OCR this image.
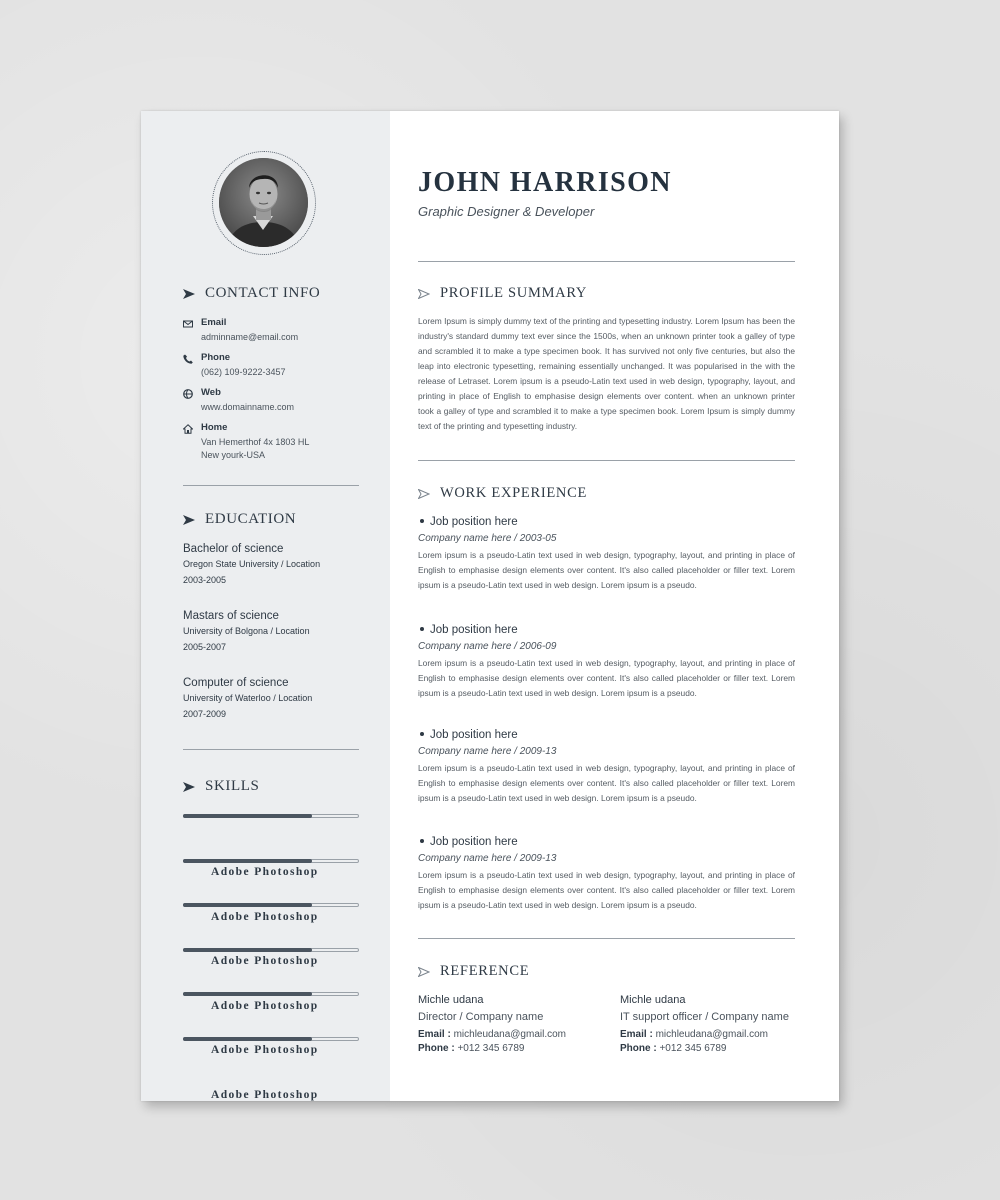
CONTACT INFO
Email
adminname@email.com
Phone
(062) 109-9222-3457
Web
www.domainname.com
Home
Van Hemerthof 4x 1803 HL
New yourk-USA
EDUCATION
Bachelor of science
Oregon State University / Location
2003-2005
Mastars of science
University of Bolgona / Location
2005-2007
Computer of science
University of Waterloo / Location
2007-2009
SKILLS
Adobe Photoshop
Adobe Photoshop
Adobe Photoshop
Adobe Photoshop
Adobe Photoshop
Adobe Photoshop
JOHN HARRISON
Graphic Designer & Developer
PROFILE SUMMARY
Lorem Ipsum is simply dummy text of the printing and typesetting industry. Lorem Ipsum has been the industry's standard dummy text ever since the 1500s, when an unknown printer took a galley of type and scrambled it to make a type specimen book. It has survived not only five centuries, but also the leap into electronic typesetting, remaining essentially unchanged. It was popularised in the with the release of Letraset. Lorem ipsum is a pseudo-Latin text used in web design, typography, layout, and printing in place of English to emphasise design elements over content. when an unknown printer took a galley of type and scrambled it to make a type specimen book. Lorem Ipsum is simply dummy text of the printing and typesetting industry.
WORK EXPERIENCE
Job position here
Company name here / 2003-05
Lorem ipsum is a pseudo-Latin text used in web design, typography, layout, and printing in place of English to emphasise design elements over content. It's also called placeholder or filler text. Lorem ipsum is a pseudo-Latin text used in web design. Lorem ipsum is a pseudo.
Job position here
Company name here / 2006-09
Lorem ipsum is a pseudo-Latin text used in web design, typography, layout, and printing in place of English to emphasise design elements over content. It's also called placeholder or filler text. Lorem ipsum is a pseudo-Latin text used in web design. Lorem ipsum is a pseudo.
Job position here
Company name here / 2009-13
Lorem ipsum is a pseudo-Latin text used in web design, typography, layout, and printing in place of English to emphasise design elements over content. It's also called placeholder or filler text. Lorem ipsum is a pseudo-Latin text used in web design. Lorem ipsum is a pseudo.
Job position here
Company name here / 2009-13
Lorem ipsum is a pseudo-Latin text used in web design, typography, layout, and printing in place of English to emphasise design elements over content. It's also called placeholder or filler text. Lorem ipsum is a pseudo-Latin text used in web design. Lorem ipsum is a pseudo.
REFERENCE
Michle udana
Director / Company name
Email : michleudana@gmail.com
Phone : +012 345 6789
Michle udana
IT support officer / Company name
Email : michleudana@gmail.com
Phone : +012 345 6789
